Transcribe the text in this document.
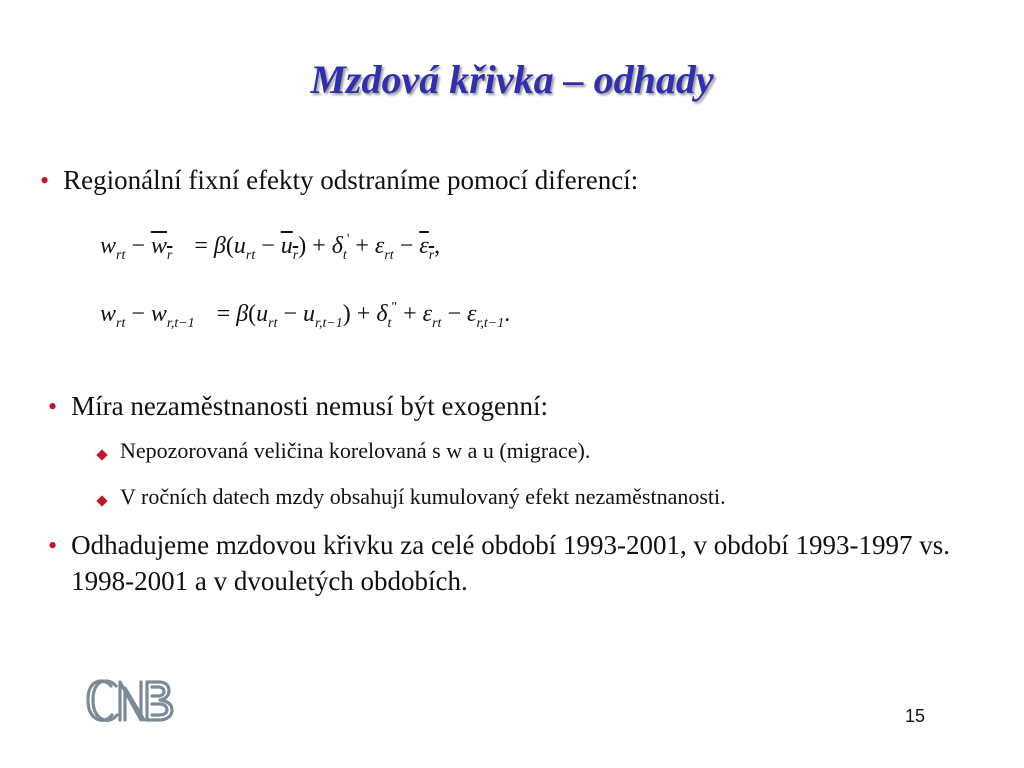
Mzdová křivka – odhady
• Regionální fixní efekty odstraníme pomocí diferencí:
$w_{rt} - w_r = \beta(u_{rt} - u_r) + \delta_t' + \varepsilon_{rt} - \varepsilon_r$,
$w_{rt} - w_{r,t-1} = \beta(u_{rt} - u_{r,t-1}) + \delta_t^" + \varepsilon_{rt} - \varepsilon_{r,t-1}$.
• Míra nezaměstnanosti nemusí být exogenní:
Nepozorovaná veličina korelovaná s w a u (migrace).
V ročních datech mzdy obsahují kumulovaný efekt nezaměstnanosti.
• Odhadujeme mzdovou křivku za celé období 1993-2001, v období 1993-1997 vs. 1998-2001 a v dvouletých obdobích.
CNB
15
